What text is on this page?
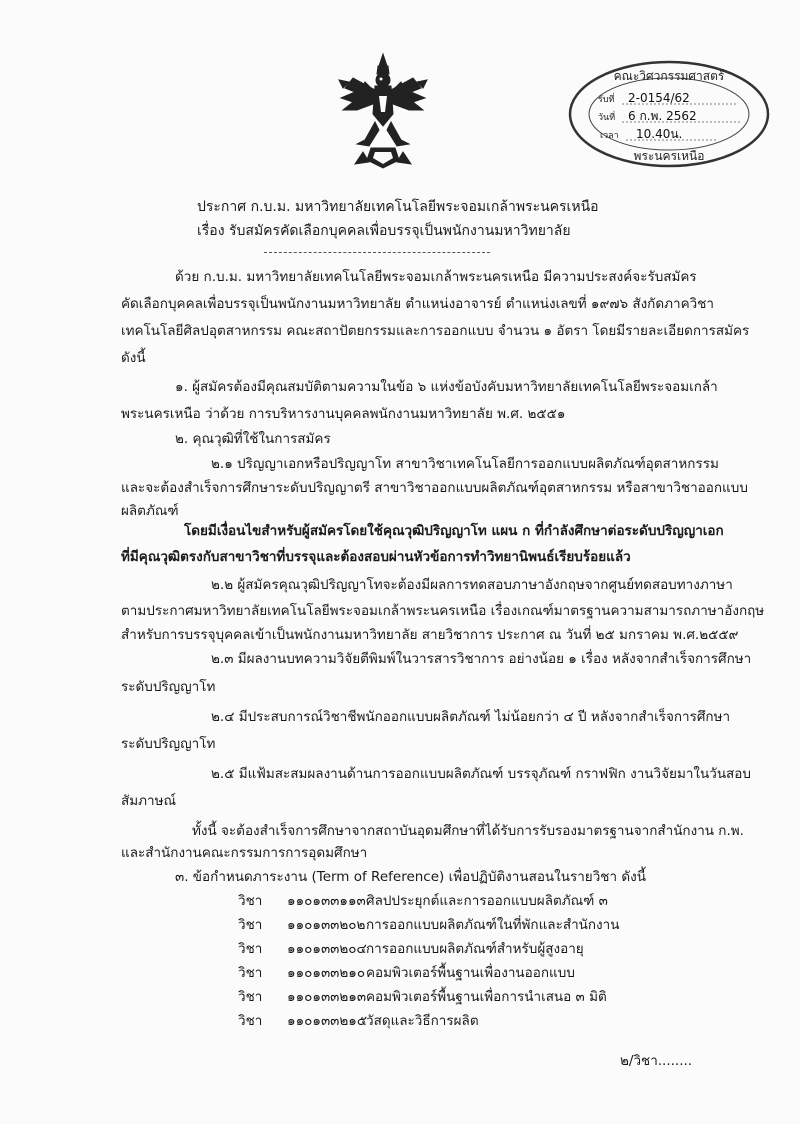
คณะวิศวกรรมศาสตร์
รับที่ 2-0154/62
วันที่ 6 ก.พ. 2562
เวลา 10.40น.
พระนครเหนือ
ประกาศ ก.บ.ม. มหาวิทยาลัยเทคโนโลยีพระจอมเกล้าพระนครเหนือ
เรื่อง รับสมัครคัดเลือกบุคคลเพื่อบรรจุเป็นพนักงานมหาวิทยาลัย
ด้วย ก.บ.ม. มหาวิทยาลัยเทคโนโลยีพระจอมเกล้าพระนครเหนือ มีความประสงค์จะรับสมัคร
คัดเลือกบุคคลเพื่อบรรจุเป็นพนักงานมหาวิทยาลัย ตำแหน่งอาจารย์ ตำแหน่งเลขที่ ๑๙๗๖ สังกัดภาควิชา
เทคโนโลยีศิลปอุตสาหกรรม คณะสถาปัตยกรรมและการออกแบบ จำนวน ๑ อัตรา โดยมีรายละเอียดการสมัคร
ดังนี้
๑. ผู้สมัครต้องมีคุณสมบัติตามความในข้อ ๖ แห่งข้อบังคับมหาวิทยาลัยเทคโนโลยีพระจอมเกล้า
พระนครเหนือ ว่าด้วย การบริหารงานบุคคลพนักงานมหาวิทยาลัย พ.ศ. ๒๕๕๑
๒. คุณวุฒิที่ใช้ในการสมัคร
๒.๑ ปริญญาเอกหรือปริญญาโท สาขาวิชาเทคโนโลยีการออกแบบผลิตภัณฑ์อุตสาหกรรม
และจะต้องสำเร็จการศึกษาระดับปริญญาตรี สาขาวิชาออกแบบผลิตภัณฑ์อุตสาหกรรม หรือสาขาวิชาออกแบบ
ผลิตภัณฑ์
โดยมีเงื่อนไขสำหรับผู้สมัครโดยใช้คุณวุฒิปริญญาโท แผน ก ที่กำลังศึกษาต่อระดับปริญญาเอก
ที่มีคุณวุฒิตรงกับสาขาวิชาที่บรรจุและต้องสอบผ่านหัวข้อการทำวิทยานิพนธ์เรียบร้อยแล้ว
๒.๒ ผู้สมัครคุณวุฒิปริญญาโทจะต้องมีผลการทดสอบภาษาอังกฤษจากศูนย์ทดสอบทางภาษา
ตามประกาศมหาวิทยาลัยเทคโนโลยีพระจอมเกล้าพระนครเหนือ เรื่องเกณฑ์มาตรฐานความสามารถภาษาอังกฤษ
สำหรับการบรรจุบุคคลเข้าเป็นพนักงานมหาวิทยาลัย สายวิชาการ ประกาศ ณ วันที่ ๒๕ มกราคม พ.ศ.๒๕๕๙
๒.๓ มีผลงานบทความวิจัยตีพิมพ์ในวารสารวิชาการ อย่างน้อย ๑ เรื่อง หลังจากสำเร็จการศึกษา
ระดับปริญญาโท
๒.๔ มีประสบการณ์วิชาชีพนักออกแบบผลิตภัณฑ์ ไม่น้อยกว่า ๔ ปี หลังจากสำเร็จการศึกษา
ระดับปริญญาโท
๒.๕ มีแฟ้มสะสมผลงานด้านการออกแบบผลิตภัณฑ์ บรรจุภัณฑ์ กราฟฟิก งานวิจัยมาในวันสอบ
สัมภาษณ์
ทั้งนี้ จะต้องสำเร็จการศึกษาจากสถาบันอุดมศึกษาที่ได้รับการรับรองมาตรฐานจากสำนักงาน ก.พ.
และสำนักงานคณะกรรมการการอุดมศึกษา
๓. ข้อกำหนดภาระงาน (Term of Reference) เพื่อปฏิบัติงานสอนในรายวิชา ดังนี้
วิชา ๑๑๐๑๓๓๑๑๓ ศิลปประยุกต์และการออกแบบผลิตภัณฑ์ ๓
วิชา ๑๑๐๑๓๓๒๐๒ การออกแบบผลิตภัณฑ์ในที่พักและสำนักงาน
วิชา ๑๑๐๑๓๓๒๐๔ การออกแบบผลิตภัณฑ์สำหรับผู้สูงอายุ
วิชา ๑๑๐๑๓๓๒๑๐ คอมพิวเตอร์พื้นฐานเพื่องานออกแบบ
วิชา ๑๑๐๑๓๓๒๑๓ คอมพิวเตอร์พื้นฐานเพื่อการนำเสนอ ๓ มิติ
วิชา ๑๑๐๑๓๓๒๑๕
วัสดุและวิธีการผลิต
๒/วิชา........
